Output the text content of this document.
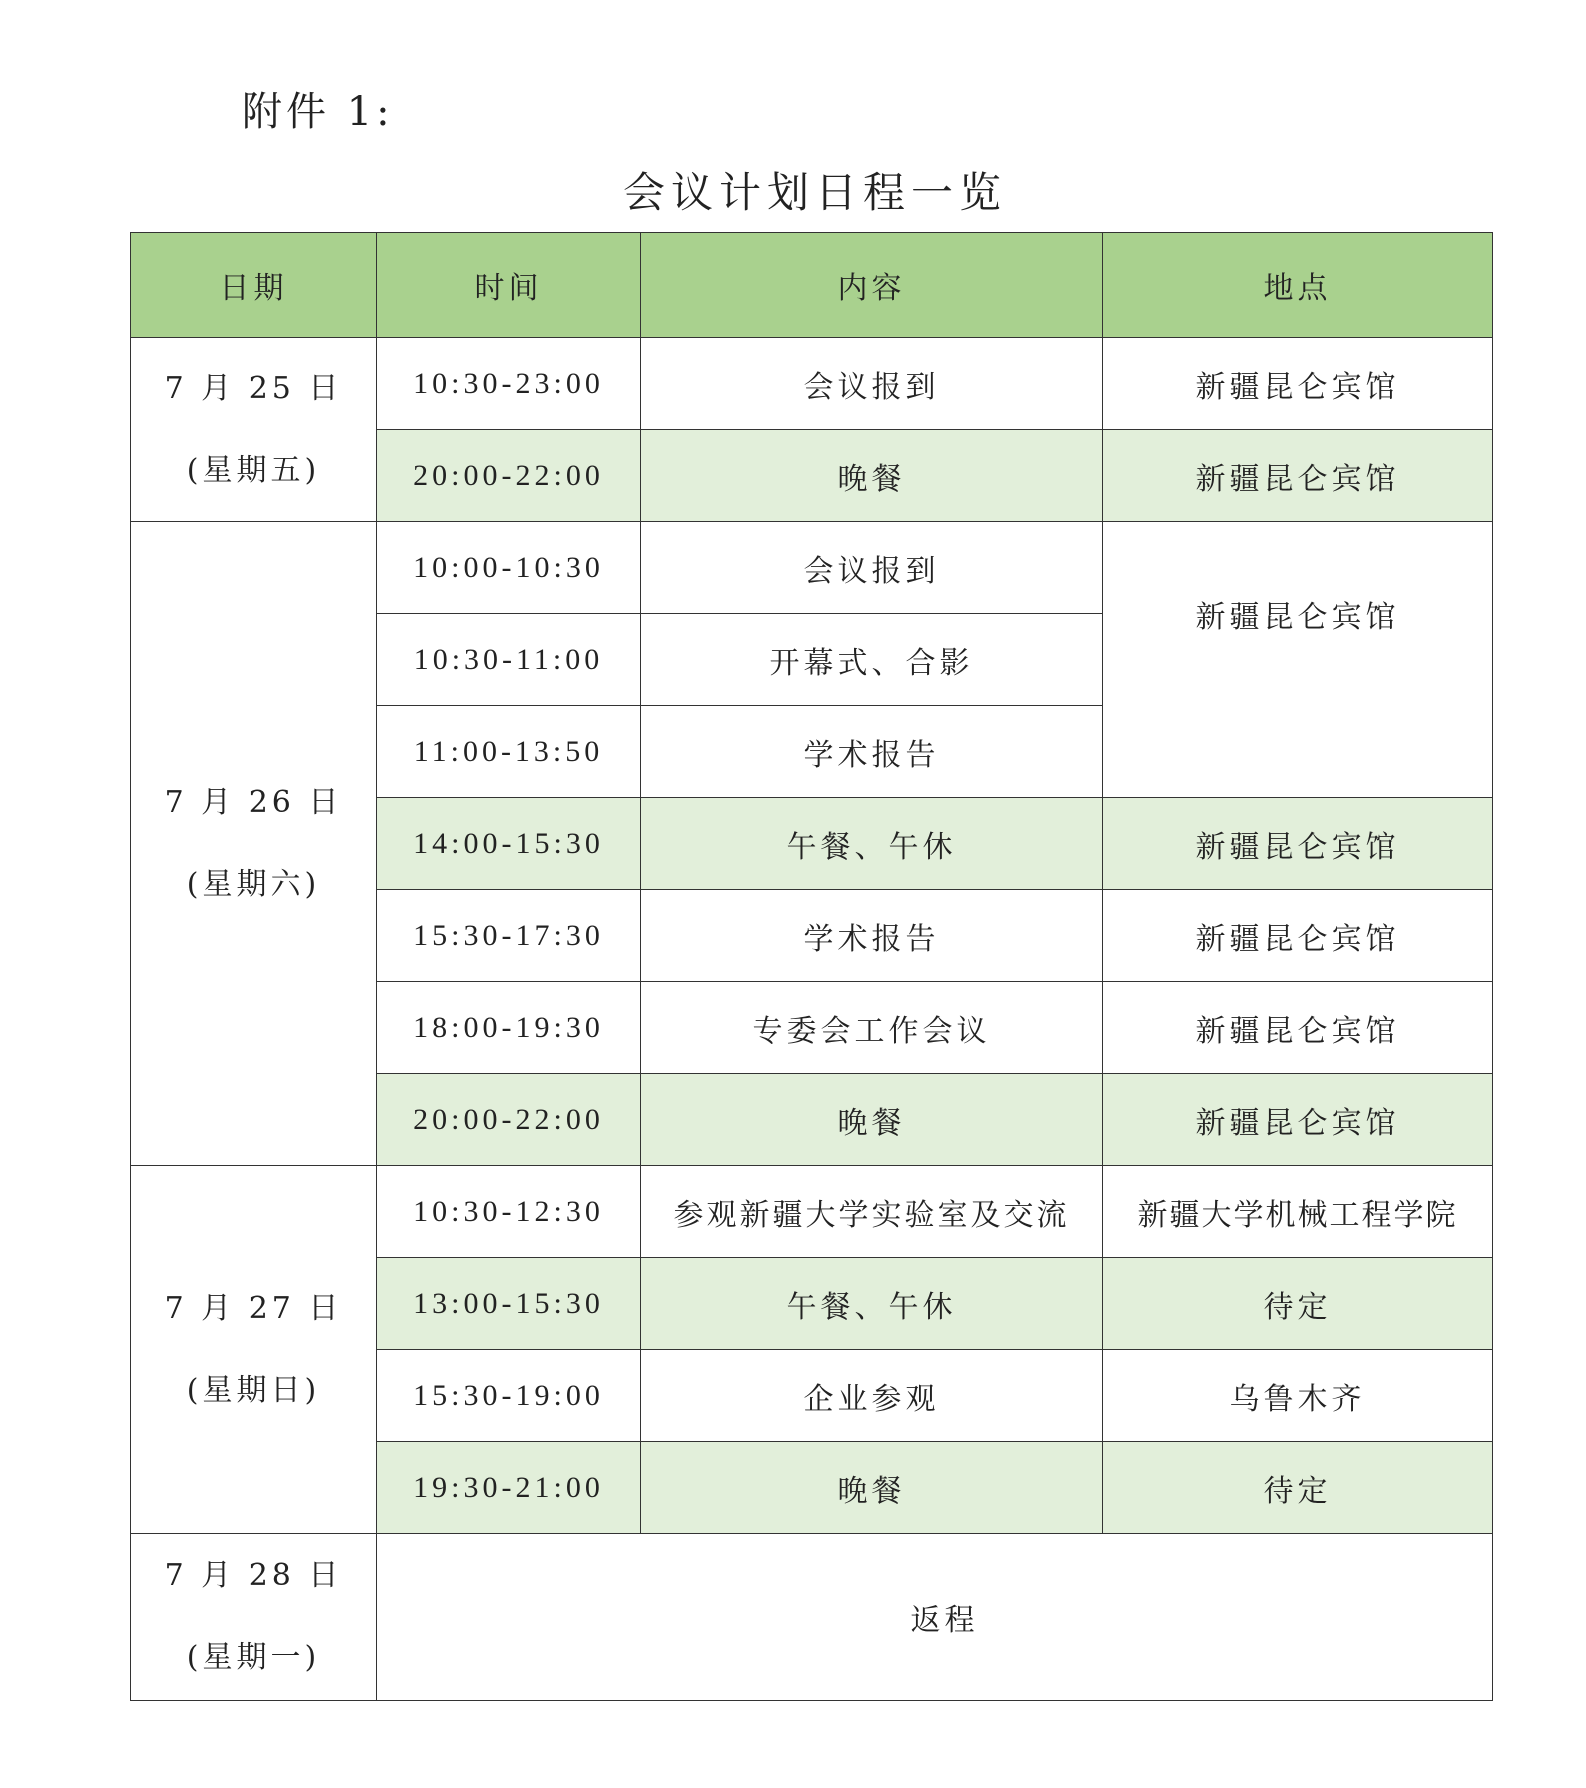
附件 1:
会议计划日程一览
日期	时间	内容	地点

7 月 25 日
(星期五)	10:30-23:00	会议报到	新疆昆仑宾馆
	20:00-22:00	晚餐	新疆昆仑宾馆

7 月 26 日
(星期六)	10:00-10:30	会议报到	新疆昆仑宾馆
	10:30-11:00	开幕式、合影	
	11:00-13:50	学术报告	
	14:00-15:30	午餐、午休	新疆昆仑宾馆
	15:30-17:30	学术报告	新疆昆仑宾馆
	18:00-19:30	专委会工作会议	新疆昆仑宾馆
	20:00-22:00	晚餐	新疆昆仑宾馆

7 月 27 日
(星期日)	10:30-12:30	参观新疆大学实验室及交流	新疆大学机械工程学院
	13:00-15:30	午餐、午休	待定
	15:30-19:00	企业参观	乌鲁木齐
	19:30-21:00	晚餐	待定

7 月 28 日
(星期一)	返程		
